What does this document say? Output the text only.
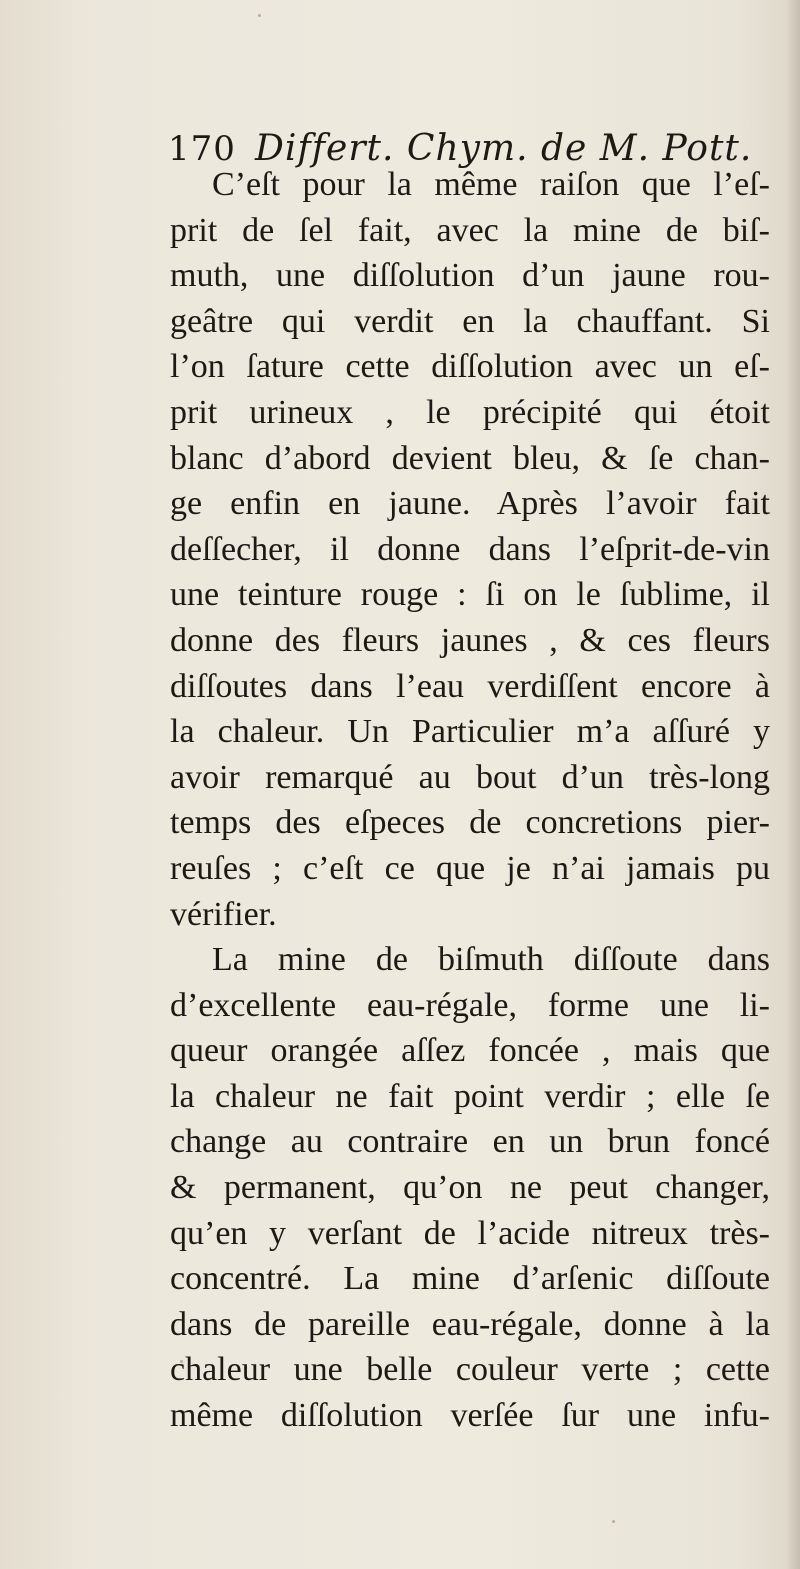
170 Differt. Chym. de M. Pott.
C’eſt pour la même raiſon que l’eſ-
prit de ſel fait, avec la mine de biſ-
muth, une diſſolution d’un jaune rou-
geâtre qui verdit en la chauffant. Si
l’on ſature cette diſſolution avec un eſ-
prit urineux , le précipité qui étoit
blanc d’abord devient bleu, & ſe chan-
ge enfin en jaune. Après l’avoir fait
deſſecher, il donne dans l’eſprit-de-vin
une teinture rouge : ſi on le ſublime, il
donne des fleurs jaunes , & ces fleurs
diſſoutes dans l’eau verdiſſent encore à
la chaleur. Un Particulier m’a aſſuré y
avoir remarqué au bout d’un très-long
temps des eſpeces de concretions pier-
reuſes ; c’eſt ce que je n’ai jamais pu
vérifier.
La mine de biſmuth diſſoute dans
d’excellente eau-régale, forme une li-
queur orangée aſſez foncée , mais que
la chaleur ne fait point verdir ; elle ſe
change au contraire en un brun foncé
& permanent, qu’on ne peut changer,
qu’en y verſant de l’acide nitreux très-
concentré. La mine d’arſenic diſſoute
dans de pareille eau-régale, donne à la
chaleur une belle couleur verte ; cette
même diſſolution verſée ſur une infu-
